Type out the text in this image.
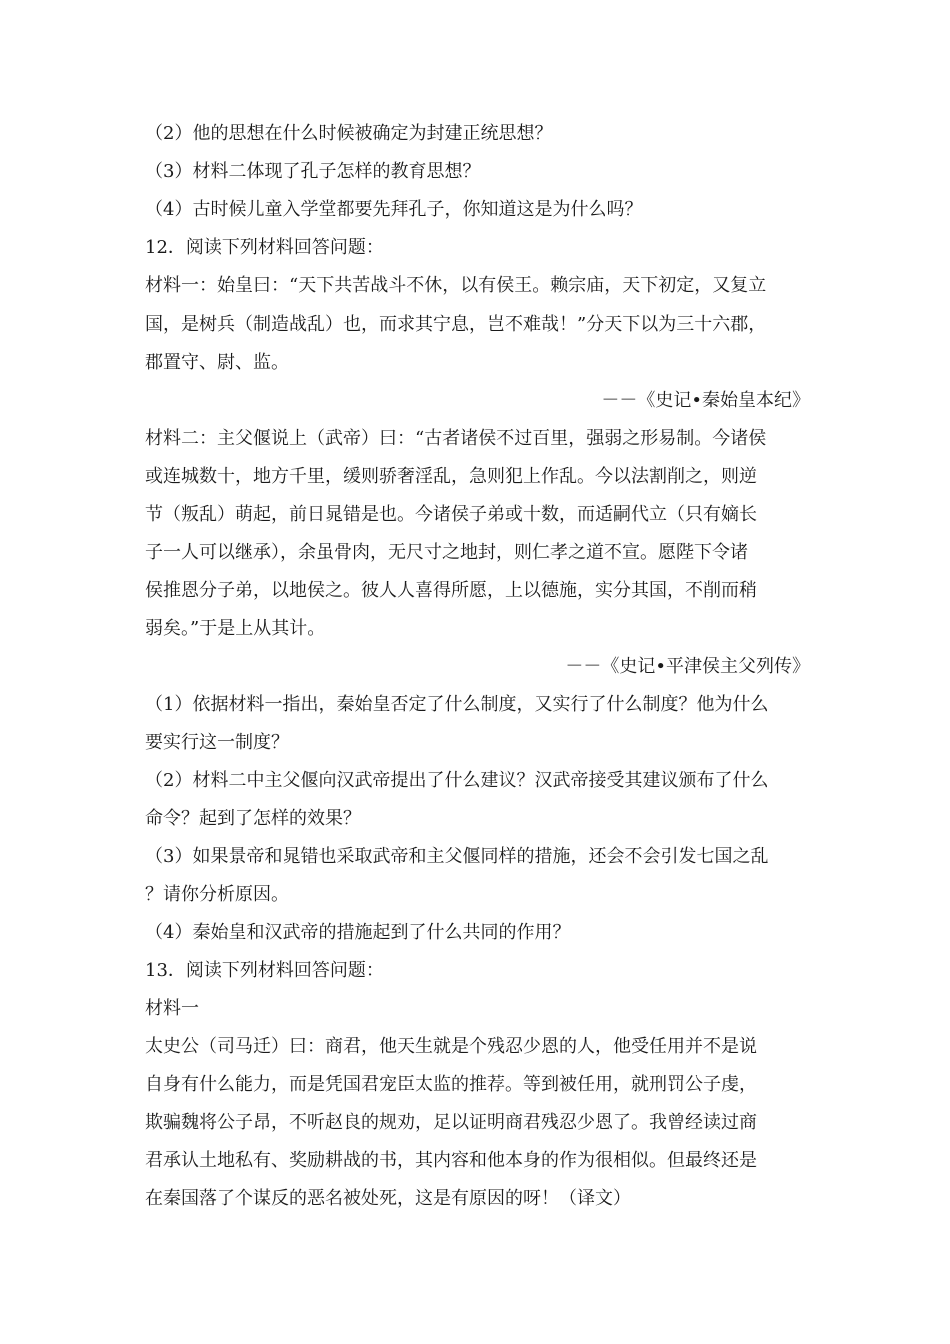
（2）他的思想在什么时候被确定为封建正统思想？
（3）材料二体现了孔子怎样的教育思想？
（4）古时候儿童入学堂都要先拜孔子，你知道这是为什么吗？
12．阅读下列材料回答问题：
材料一：始皇曰：“天下共苦战斗不休，以有侯王。赖宗庙，天下初定，又复立
国，是树兵（制造战乱）也，而求其宁息，岂不难哉！”分天下以为三十六郡，
郡置守、尉、监。
－－《史记•秦始皇本纪》
材料二：主父偃说上（武帝）曰：“古者诸侯不过百里，强弱之形易制。今诸侯
或连城数十，地方千里，缓则骄奢淫乱，急则犯上作乱。今以法割削之，则逆
节（叛乱）萌起，前日晁错是也。今诸侯子弟或十数，而适嗣代立（只有嫡长
子一人可以继承），余虽骨肉，无尺寸之地封，则仁孝之道不宣。愿陛下令诸
侯推恩分子弟，以地侯之。彼人人喜得所愿，上以德施，实分其国，不削而稍
弱矣。”于是上从其计。
－－《史记•平津侯主父列传》
（1）依据材料一指出，秦始皇否定了什么制度，又实行了什么制度？他为什么
要实行这一制度？
（2）材料二中主父偃向汉武帝提出了什么建议？汉武帝接受其建议颁布了什么
命令？起到了怎样的效果？
（3）如果景帝和晁错也采取武帝和主父偃同样的措施，还会不会引发七国之乱
？请你分析原因。
（4）秦始皇和汉武帝的措施起到了什么共同的作用？
13．阅读下列材料回答问题：
材料一
太史公（司马迁）曰：商君，他天生就是个残忍少恩的人，他受任用并不是说
自身有什么能力，而是凭国君宠臣太监的推荐。等到被任用，就刑罚公子虔，
欺骗魏将公子昂，不听赵良的规劝，足以证明商君残忍少恩了。我曾经读过商
君承认土地私有、奖励耕战的书，其内容和他本身的作为很相似。但最终还是
在秦国落了个谋反的恶名被处死，这是有原因的呀！（译文）
